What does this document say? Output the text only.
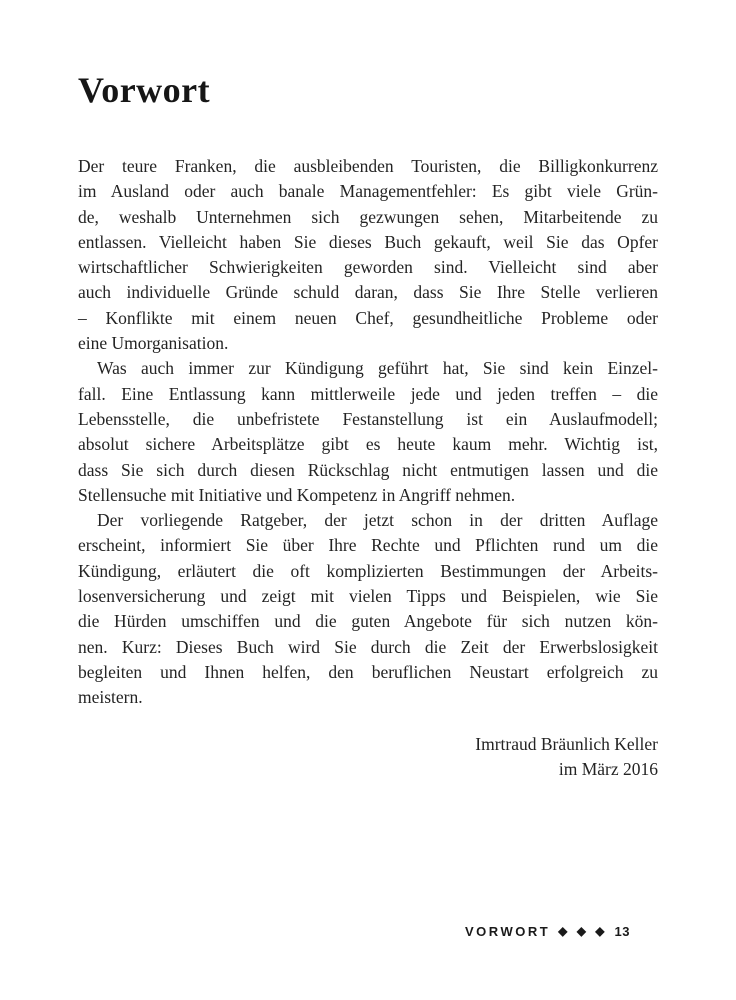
Vorwort
Der teure Franken, die ausbleibenden Touristen, die Billigkonkurrenz
im Ausland oder auch banale Managementfehler: Es gibt viele Grün-
de, weshalb Unternehmen sich gezwungen sehen, Mitarbeitende zu
entlassen. Vielleicht haben Sie dieses Buch gekauft, weil Sie das Opfer
wirtschaftlicher Schwierigkeiten geworden sind. Vielleicht sind aber
auch individuelle Gründe schuld daran, dass Sie Ihre Stelle verlieren
– Konflikte mit einem neuen Chef, gesundheitliche Probleme oder
eine Umorganisation.
Was auch immer zur Kündigung geführt hat, Sie sind kein Einzel-
fall. Eine Entlassung kann mittlerweile jede und jeden treffen – die
Lebensstelle, die unbefristete Festanstellung ist ein Auslaufmodell;
absolut sichere Arbeitsplätze gibt es heute kaum mehr. Wichtig ist,
dass Sie sich durch diesen Rückschlag nicht entmutigen lassen und die
Stellensuche mit Initiative und Kompetenz in Angriff nehmen.
Der vorliegende Ratgeber, der jetzt schon in der dritten Auflage
erscheint, informiert Sie über Ihre Rechte und Pflichten rund um die
Kündigung, erläutert die oft komplizierten Bestimmungen der Arbeits-
losenversicherung und zeigt mit vielen Tipps und Beispielen, wie Sie
die Hürden umschiffen und die guten Angebote für sich nutzen kön-
nen. Kurz: Dieses Buch wird Sie durch die Zeit der Erwerbslosigkeit
begleiten und Ihnen helfen, den beruflichen Neustart erfolgreich zu
meistern.
Imrtraud Bräunlich Keller
im März 2016
VORWORT ◆ ◆ ◆ 13
